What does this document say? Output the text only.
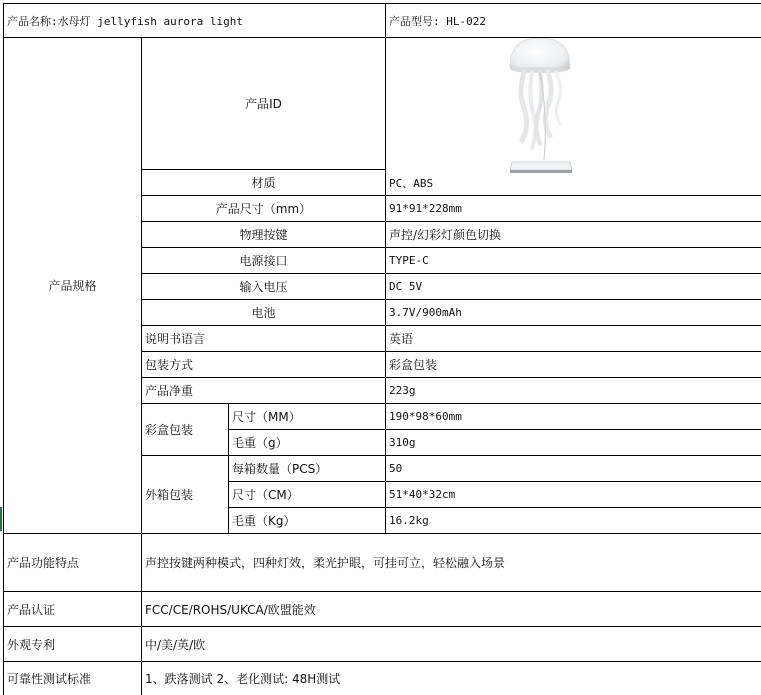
产品名称:水母灯 jellyfish aurora light	产品型号: HL-022
产品规格
产品ID
材质	PC、ABS
产品尺寸（mm）	91*91*228mm
物理按键	声控/幻彩灯颜色切换
电源接口	TYPE-C
输入电压	DC 5V
电池	3.7V/900mAh
说明书语言	英语
包装方式	彩盒包装
产品净重	223g
彩盒包装
尺寸（MM）	190*98*60mm
毛重（g）	310g
外箱包装
每箱数量（PCS）	50
尺寸（CM）	51*40*32cm
毛重（Kg）	16.2kg
产品功能特点	声控按键两种模式，四种灯效，柔光护眼，可挂可立，轻松融入场景
产品认证	FCC/CE/ROHS/UKCA/欧盟能效
外观专利	中/美/英/欧
可靠性测试标准	1、跌落测试 2、老化测试: 48H测试
